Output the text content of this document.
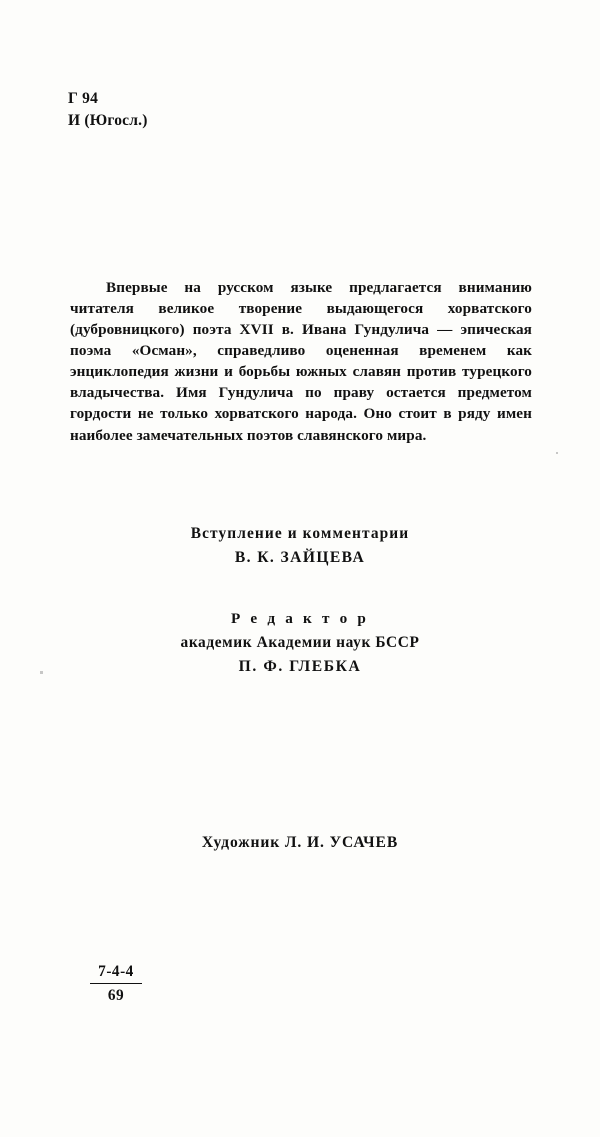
Г 94
И (Югосл.)

Впервые на русском языке предлагается вниманию читателя великое творение выдающегося хорватского (дубровницкого) поэта XVII в. Ивана Гундулича — эпическая поэма «Осман», справедливо оцененная временем как энциклопедия жизни и борьбы южных славян против турецкого владычества. Имя Гундулича по праву остается предметом гордости не только хорватского народа. Оно стоит в ряду имен наиболее замечательных поэтов славянского мира.

Вступление и комментарии
В. К. ЗАЙЦЕВА
Р е д а к т о р
академик Академии наук БССР
П. Ф. ГЛЕБКА
Художник Л. И. УСАЧЕВ
7-4-4
69
